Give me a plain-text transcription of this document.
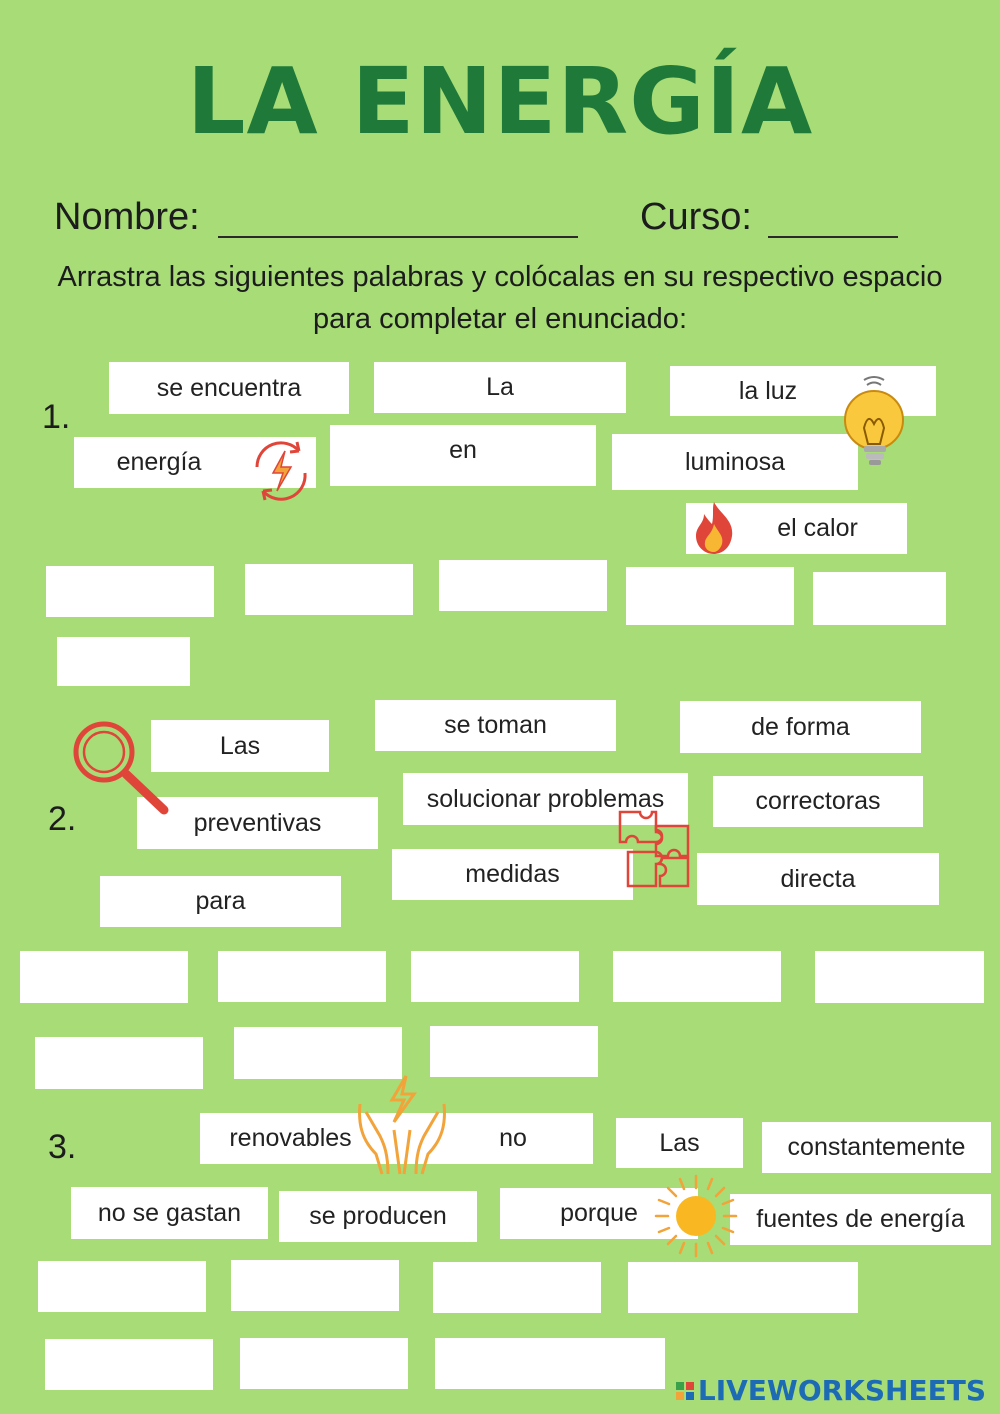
LA ENERGÍA
Nombre:	Curso:
Arrastra las siguientes palabras y colócalas en su respectivo espacio para completar el enunciado:
1.
se encuentra	La	la luz
energía	en	luminosa
el calor
2.
Las
se toman	de forma
preventivas
solucionar problemas	correctoras
medidas	directa
para
3.	renovables	no	Las	constantemente
no se gastan	se producen	porque	fuentes de energía
LIVEWORKSHEETS
